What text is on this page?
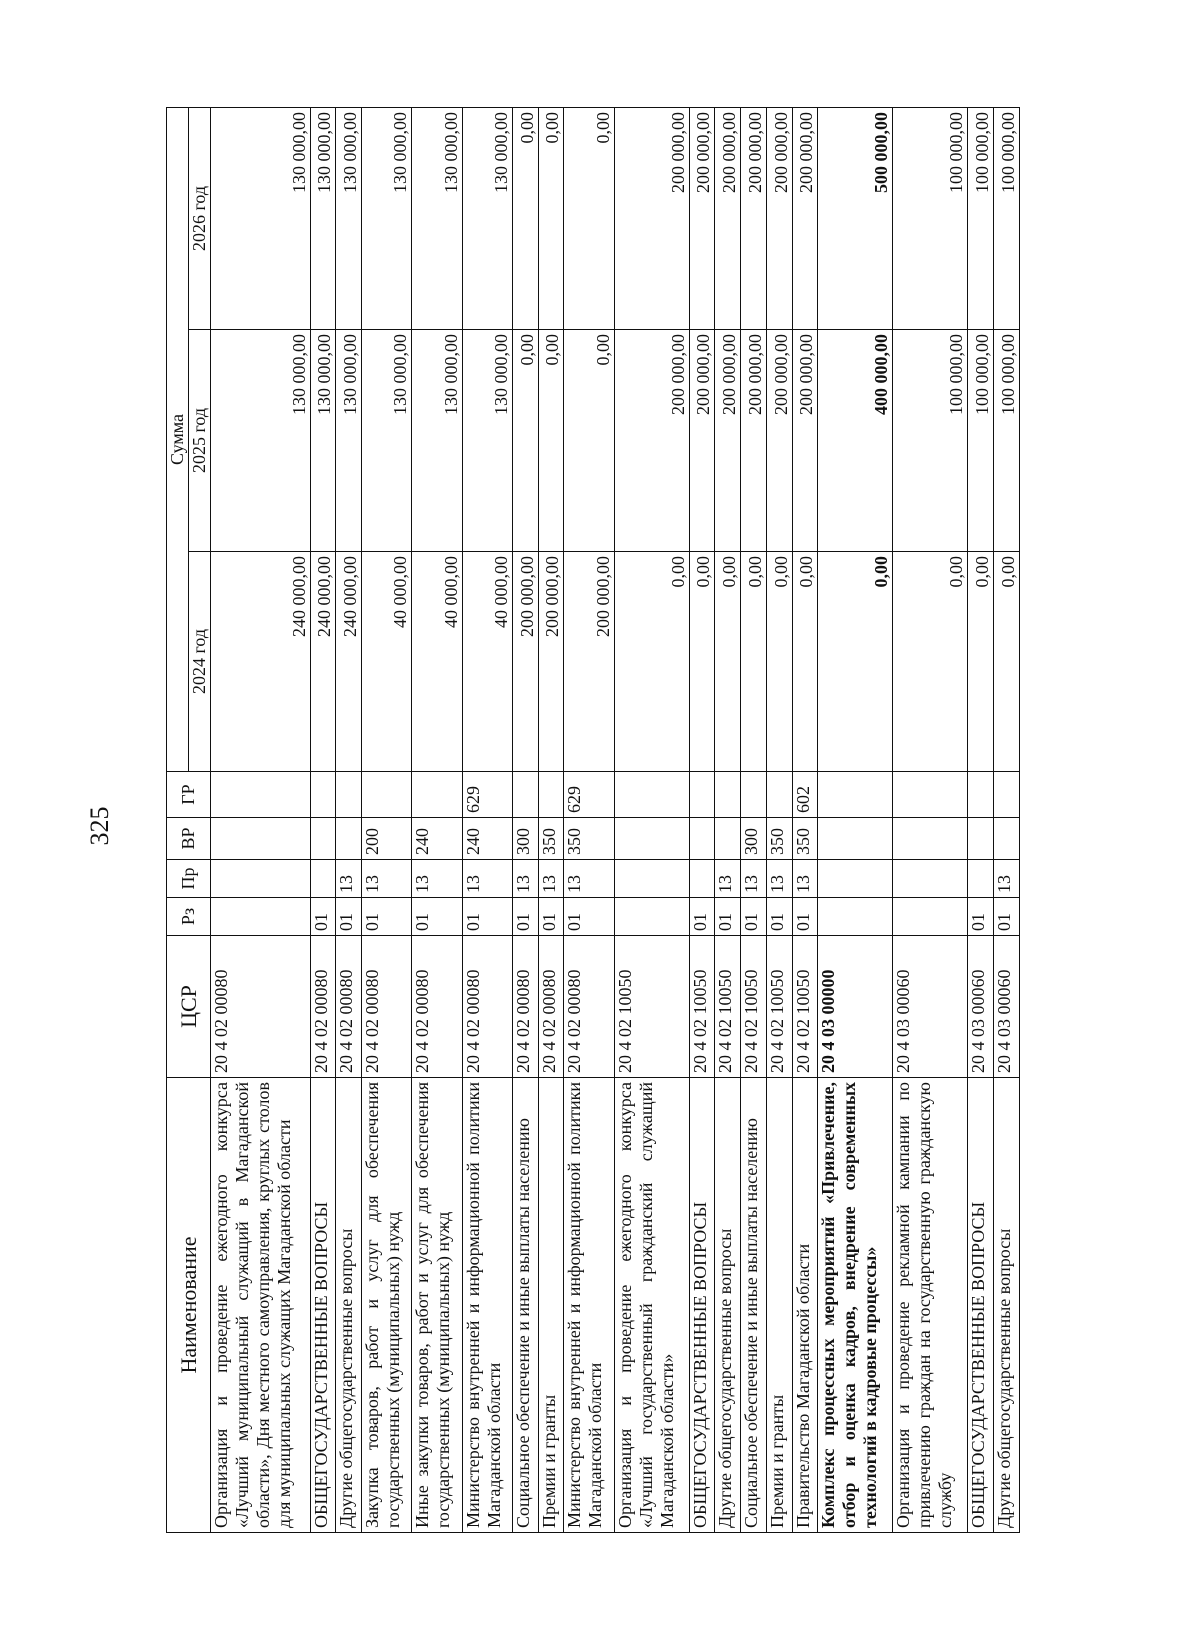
325
Наименование	ЦСР	Рз	Пр	ВР	ГР	Сумма		
						2024 год	2025 год	2026 год
Организация и проведение ежегодного конкурса «Лучший муниципальный служащий в Магаданской области», Дня местного самоуправления, круглых столов для муниципальных служащих Магаданской области	20 4 02 00080					240 000,00	130 000,00	130 000,00
ОБЩЕГОСУДАРСТВЕННЫЕ ВОПРОСЫ	20 4 02 00080	01				240 000,00	130 000,00	130 000,00
Другие общегосударственные вопросы	20 4 02 00080	01	13			240 000,00	130 000,00	130 000,00
Закупка товаров, работ и услуг для обеспечения государственных (муниципальных) нужд	20 4 02 00080	01	13	200		40 000,00	130 000,00	130 000,00
Иные закупки товаров, работ и услуг для обеспечения государственных (муниципальных) нужд	20 4 02 00080	01	13	240		40 000,00	130 000,00	130 000,00
Министерство внутренней и информационной политики Магаданской области	20 4 02 00080	01	13	240	629	40 000,00	130 000,00	130 000,00
Социальное обеспечение и иные выплаты населению	20 4 02 00080	01	13	300		200 000,00	0,00	0,00
Премии и гранты	20 4 02 00080	01	13	350		200 000,00	0,00	0,00
Министерство внутренней и информационной политики Магаданской области	20 4 02 00080	01	13	350	629	200 000,00	0,00	0,00
Организация и проведение ежегодного конкурса «Лучший государственный гражданский служащий Магаданской области»	20 4 02 10050					0,00	200 000,00	200 000,00
ОБЩЕГОСУДАРСТВЕННЫЕ ВОПРОСЫ	20 4 02 10050	01				0,00	200 000,00	200 000,00
Другие общегосударственные вопросы	20 4 02 10050	01	13			0,00	200 000,00	200 000,00
Социальное обеспечение и иные выплаты населению	20 4 02 10050	01	13	300		0,00	200 000,00	200 000,00
Премии и гранты	20 4 02 10050	01	13	350		0,00	200 000,00	200 000,00
Правительство Магаданской области	20 4 02 10050	01	13	350	602	0,00	200 000,00	200 000,00
Комплекс процессных мероприятий «Привлечение, отбор и оценка кадров, внедрение современных технологий в кадровые процессы»	20 4 03 00000					0,00	400 000,00	500 000,00
Организация и проведение рекламной кампании по привлечению граждан на государственную гражданскую службу	20 4 03 00060					0,00	100 000,00	100 000,00
ОБЩЕГОСУДАРСТВЕННЫЕ ВОПРОСЫ	20 4 03 00060	01				0,00	100 000,00	100 000,00
Другие общегосударственные вопросы	20 4 03 00060	01	13			0,00	100 000,00	100 000,00
